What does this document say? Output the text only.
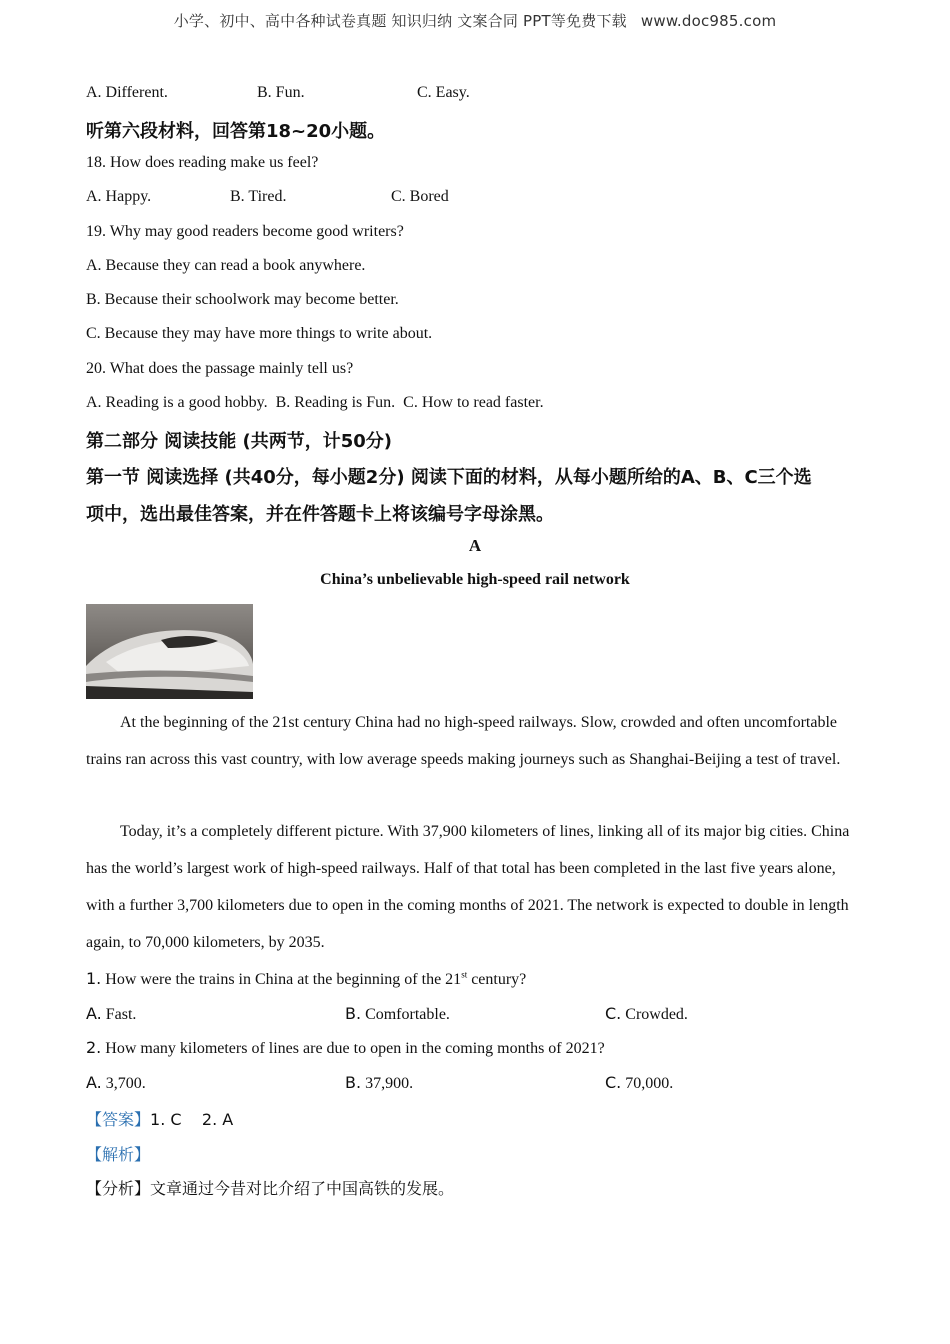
小学、初中、高中各种试卷真题 知识归纳 文案合同 PPT等免费下载 www.doc985.com
A. Different.	B. Fun.	C. Easy.
听第六段材料，回答第18~20小题。
18. How does reading make us feel?
A. Happy.	B. Tired.	C. Bored
19. Why may good readers become good writers?
A. Because they can read a book anywhere.
B. Because their schoolwork may become better.
C. Because they may have more things to write about.
20. What does the passage mainly tell us?
A. Reading is a good hobby.  B. Reading is Fun.  C. How to read faster.
第二部分 阅读技能 (共两节，计50分)
第一节 阅读选择 (共40分，每小题2分) 阅读下面的材料，从每小题所给的A、B、C三个选
项中，选出最佳答案，并在件答题卡上将该编号字母涂黑。
A
China’s unbelievable high-speed rail network
At the beginning of the 21st century China had no high-speed railways. Slow, crowded and often uncomfortable trains ran across this vast country, with low average speeds making journeys such as Shanghai-Beijing a test of travel.
Today, it’s a completely different picture. With 37,900 kilometers of lines, linking all of its major big cities. China has the world’s largest work of high-speed railways. Half of that total has been completed in the last five years alone, with a further 3,700 kilometers due to open in the coming months of 2021. The network is expected to double in length again, to 70,000 kilometers, by 2035.
1. How were the trains in China at the beginning of the 21st century?
A. Fast.	B. Comfortable.	C. Crowded.
2. How many kilometers of lines are due to open in the coming months of 2021?
A. 3,700.	B. 37,900.	C. 70,000.
【答案】1. C    2. A
【解析】
【分析】文章通过今昔对比介绍了中国高铁的发展。
